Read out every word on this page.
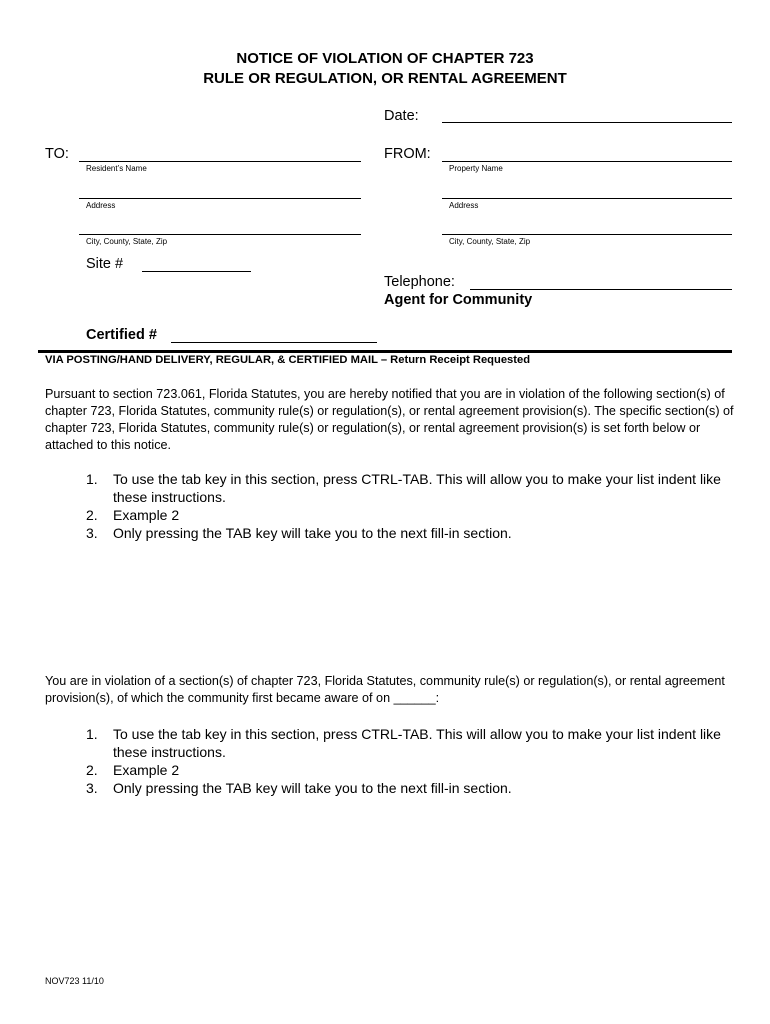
NOTICE OF VIOLATION OF CHAPTER 723
RULE OR REGULATION, OR RENTAL AGREEMENT
Date:
TO:
Resident’s Name
Address
City, County, State, Zip
FROM:
Property Name
Address
City, County, State, Zip
Site #
Telephone:
Agent for Community
Certified #
VIA POSTING/HAND DELIVERY, REGULAR, & CERTIFIED MAIL – Return Receipt Requested
Pursuant to section 723.061, Florida Statutes, you are hereby notified that you are in violation of the following section(s) of chapter 723, Florida Statutes, community rule(s) or regulation(s), or rental agreement provision(s). The specific section(s) of chapter 723, Florida Statutes, community rule(s) or regulation(s), or rental agreement provision(s) is set forth below or attached to this notice.
1. To use the tab key in this section, press CTRL-TAB. This will allow you to make your list indent like these instructions.
2. Example 2
3. Only pressing the TAB key will take you to the next fill-in section.
You are in violation of a section(s) of chapter 723, Florida Statutes, community rule(s) or regulation(s), or rental agreement provision(s), of which the community first became aware of on ______:
1. To use the tab key in this section, press CTRL-TAB. This will allow you to make your list indent like these instructions.
2. Example 2
3. Only pressing the TAB key will take you to the next fill-in section.
NOV723 11/10
